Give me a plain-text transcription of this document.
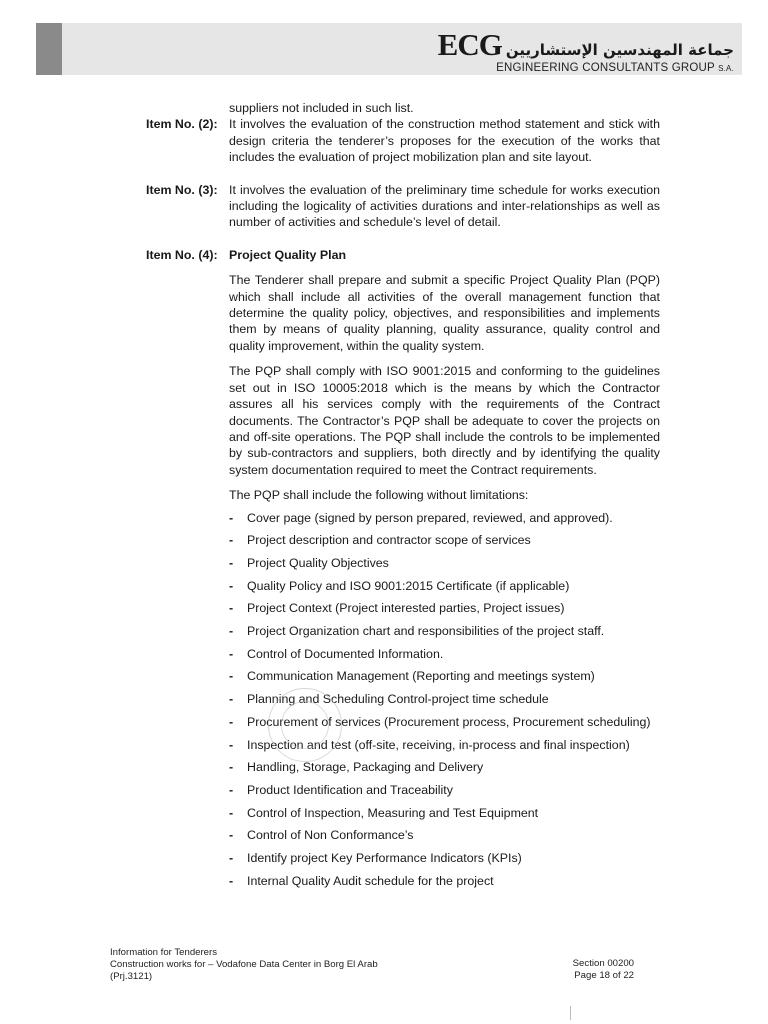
ECG جماعة المهندسين الإستشاريين
ENGINEERING CONSULTANTS GROUP S.A.

suppliers not included in such list.

Item No. (2): It involves the evaluation of the construction method statement and stick with design criteria the tenderer’s proposes for the execution of the works that includes the evaluation of project mobilization plan and site layout.
Item No. (3): It involves the evaluation of the preliminary time schedule for works execution including the logicality of activities durations and inter-relationships as well as number of activities and schedule’s level of detail.
Item No. (4): Project Quality Plan

The Tenderer shall prepare and submit a specific Project Quality Plan (PQP) which shall include all activities of the overall management function that determine the quality policy, objectives, and responsibilities and implements them by means of quality planning, quality assurance, quality control and quality improvement, within the quality system.

The PQP shall comply with ISO 9001:2015 and conforming to the guidelines set out in ISO 10005:2018 which is the means by which the Contractor assures all his services comply with the requirements of the Contract documents. The Contractor’s PQP shall be adequate to cover the projects on and off-site operations. The PQP shall include the controls to be implemented by sub-contractors and suppliers, both directly and by identifying the quality system documentation required to meet the Contract requirements.

The PQP shall include the following without limitations:

- Cover page (signed by person prepared, reviewed, and approved).
- Project description and contractor scope of services
- Project Quality Objectives
- Quality Policy and ISO 9001:2015 Certificate (if applicable)
- Project Context (Project interested parties, Project issues)
- Project Organization chart and responsibilities of the project staff.
- Control of Documented Information.
- Communication Management (Reporting and meetings system)
- Planning and Scheduling Control-project time schedule
- Procurement of services (Procurement process, Procurement scheduling)
- Inspection and test (off-site, receiving, in-process and final inspection)
- Handling, Storage, Packaging and Delivery
- Product Identification and Traceability
- Control of Inspection, Measuring and Test Equipment
- Control of Non Conformance’s
- Identify project Key Performance Indicators (KPIs)
- Internal Quality Audit schedule for the project
Information for Tenderers
Construction works for – Vodafone Data Center in Borg El Arab
(Prj.3121)
Section 00200
Page 18 of 22
